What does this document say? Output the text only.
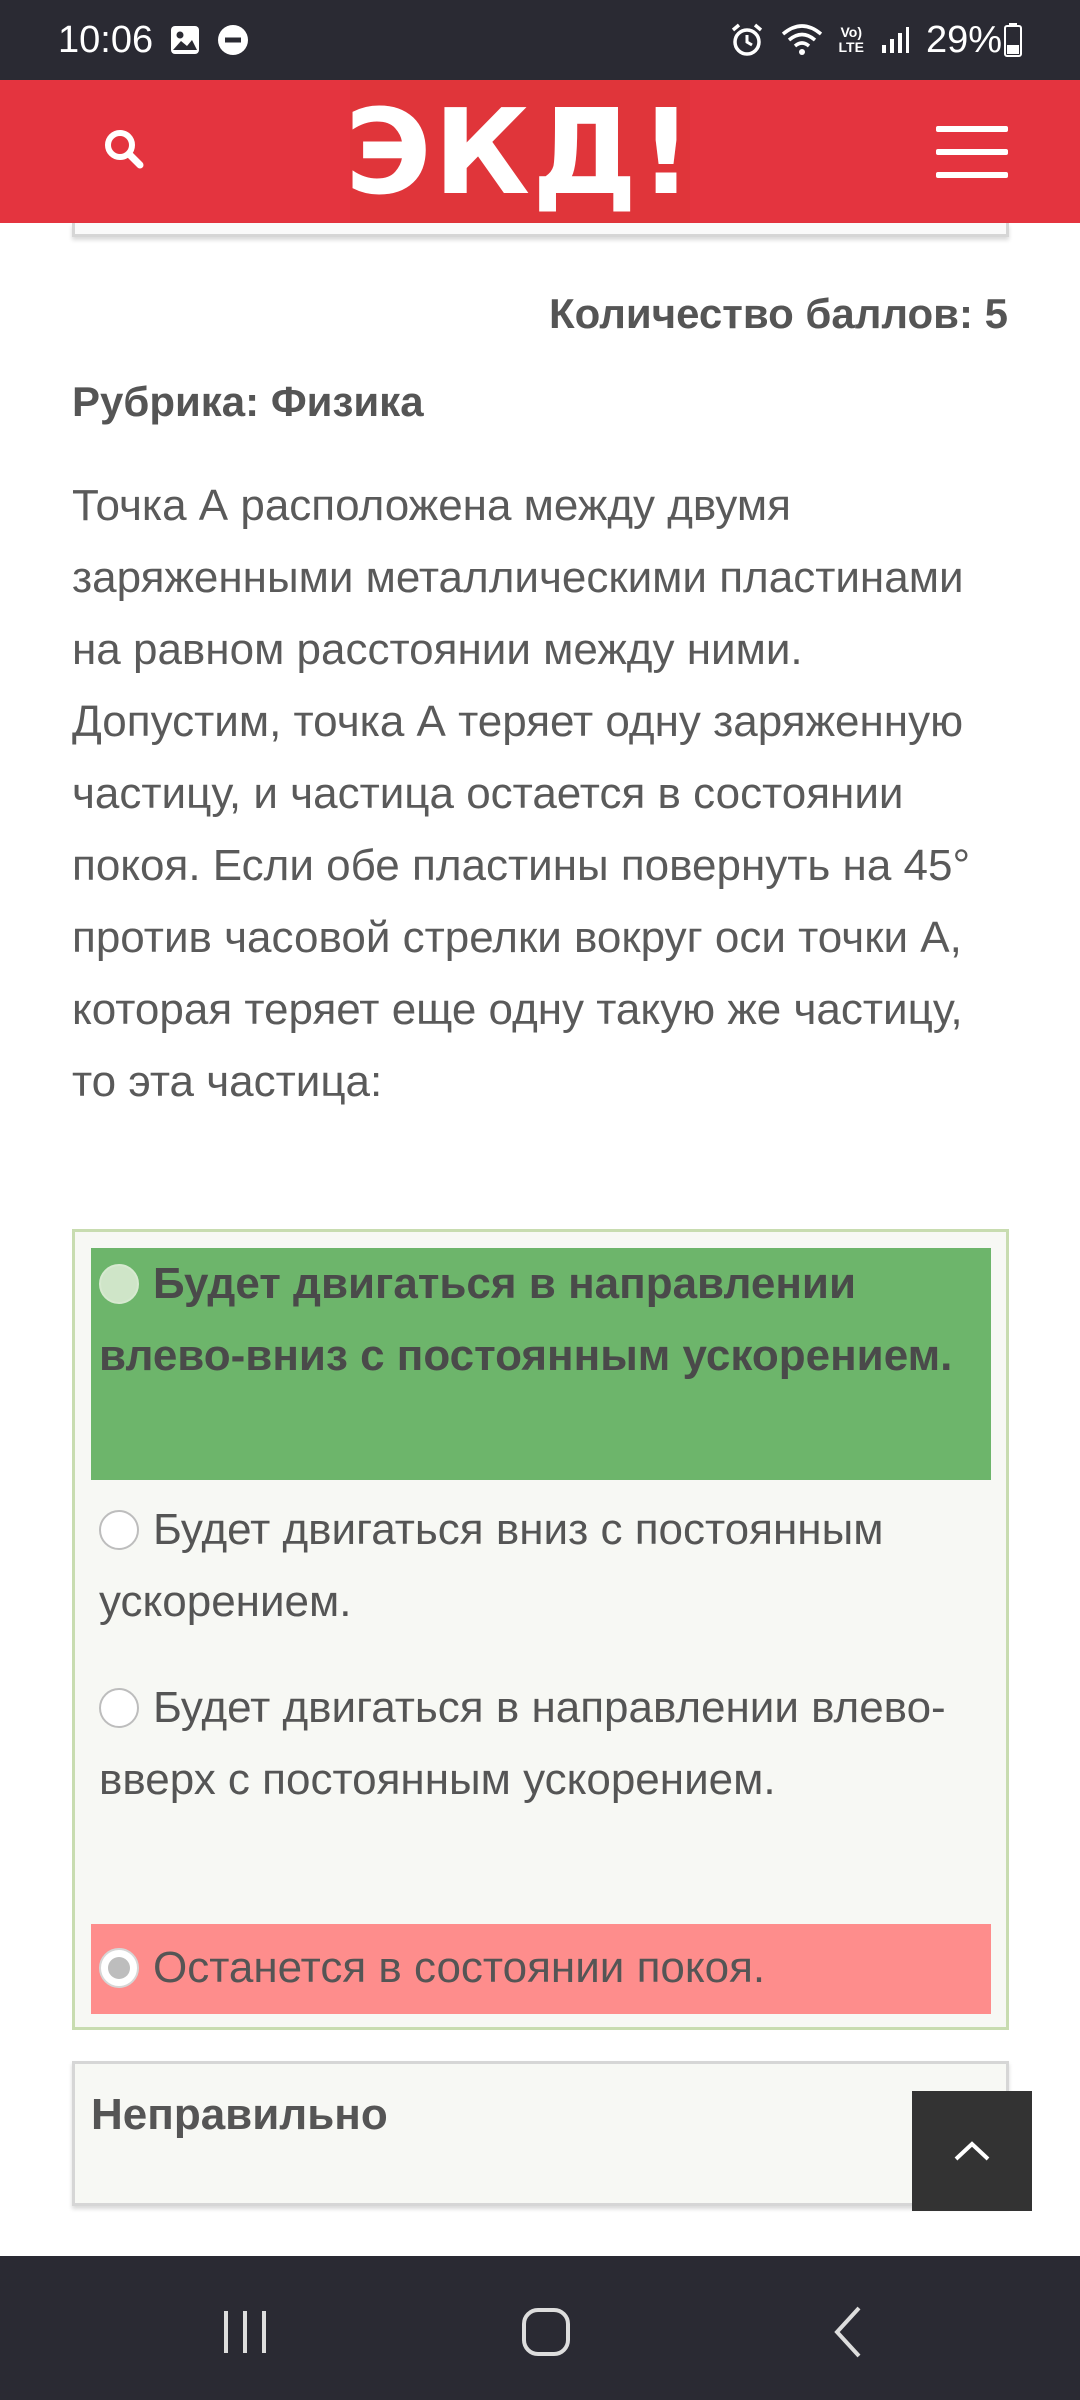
10:06	Vo)
LTE 29%
ЭКД!
Количество баллов: 5
Рубрика: Физика
Точка А расположена между двумя заряженными металлическими пластинами на равном расстоянии между ними. Допустим, точка А теряет одну заряженную частицу, и частица остается в состоянии покоя. Если обе пластины повернуть на 45° против часовой стрелки вокруг оси точки А, которая теряет еще одну такую же частицу, то эта частица:
Будет двигаться в направлении влево-вниз с постоянным ускорением.
Будет двигаться вниз с постоянным ускорением.
Будет двигаться в направлении влево-вверх с постоянным ускорением.
Останется в состоянии покоя.
Неправильно
